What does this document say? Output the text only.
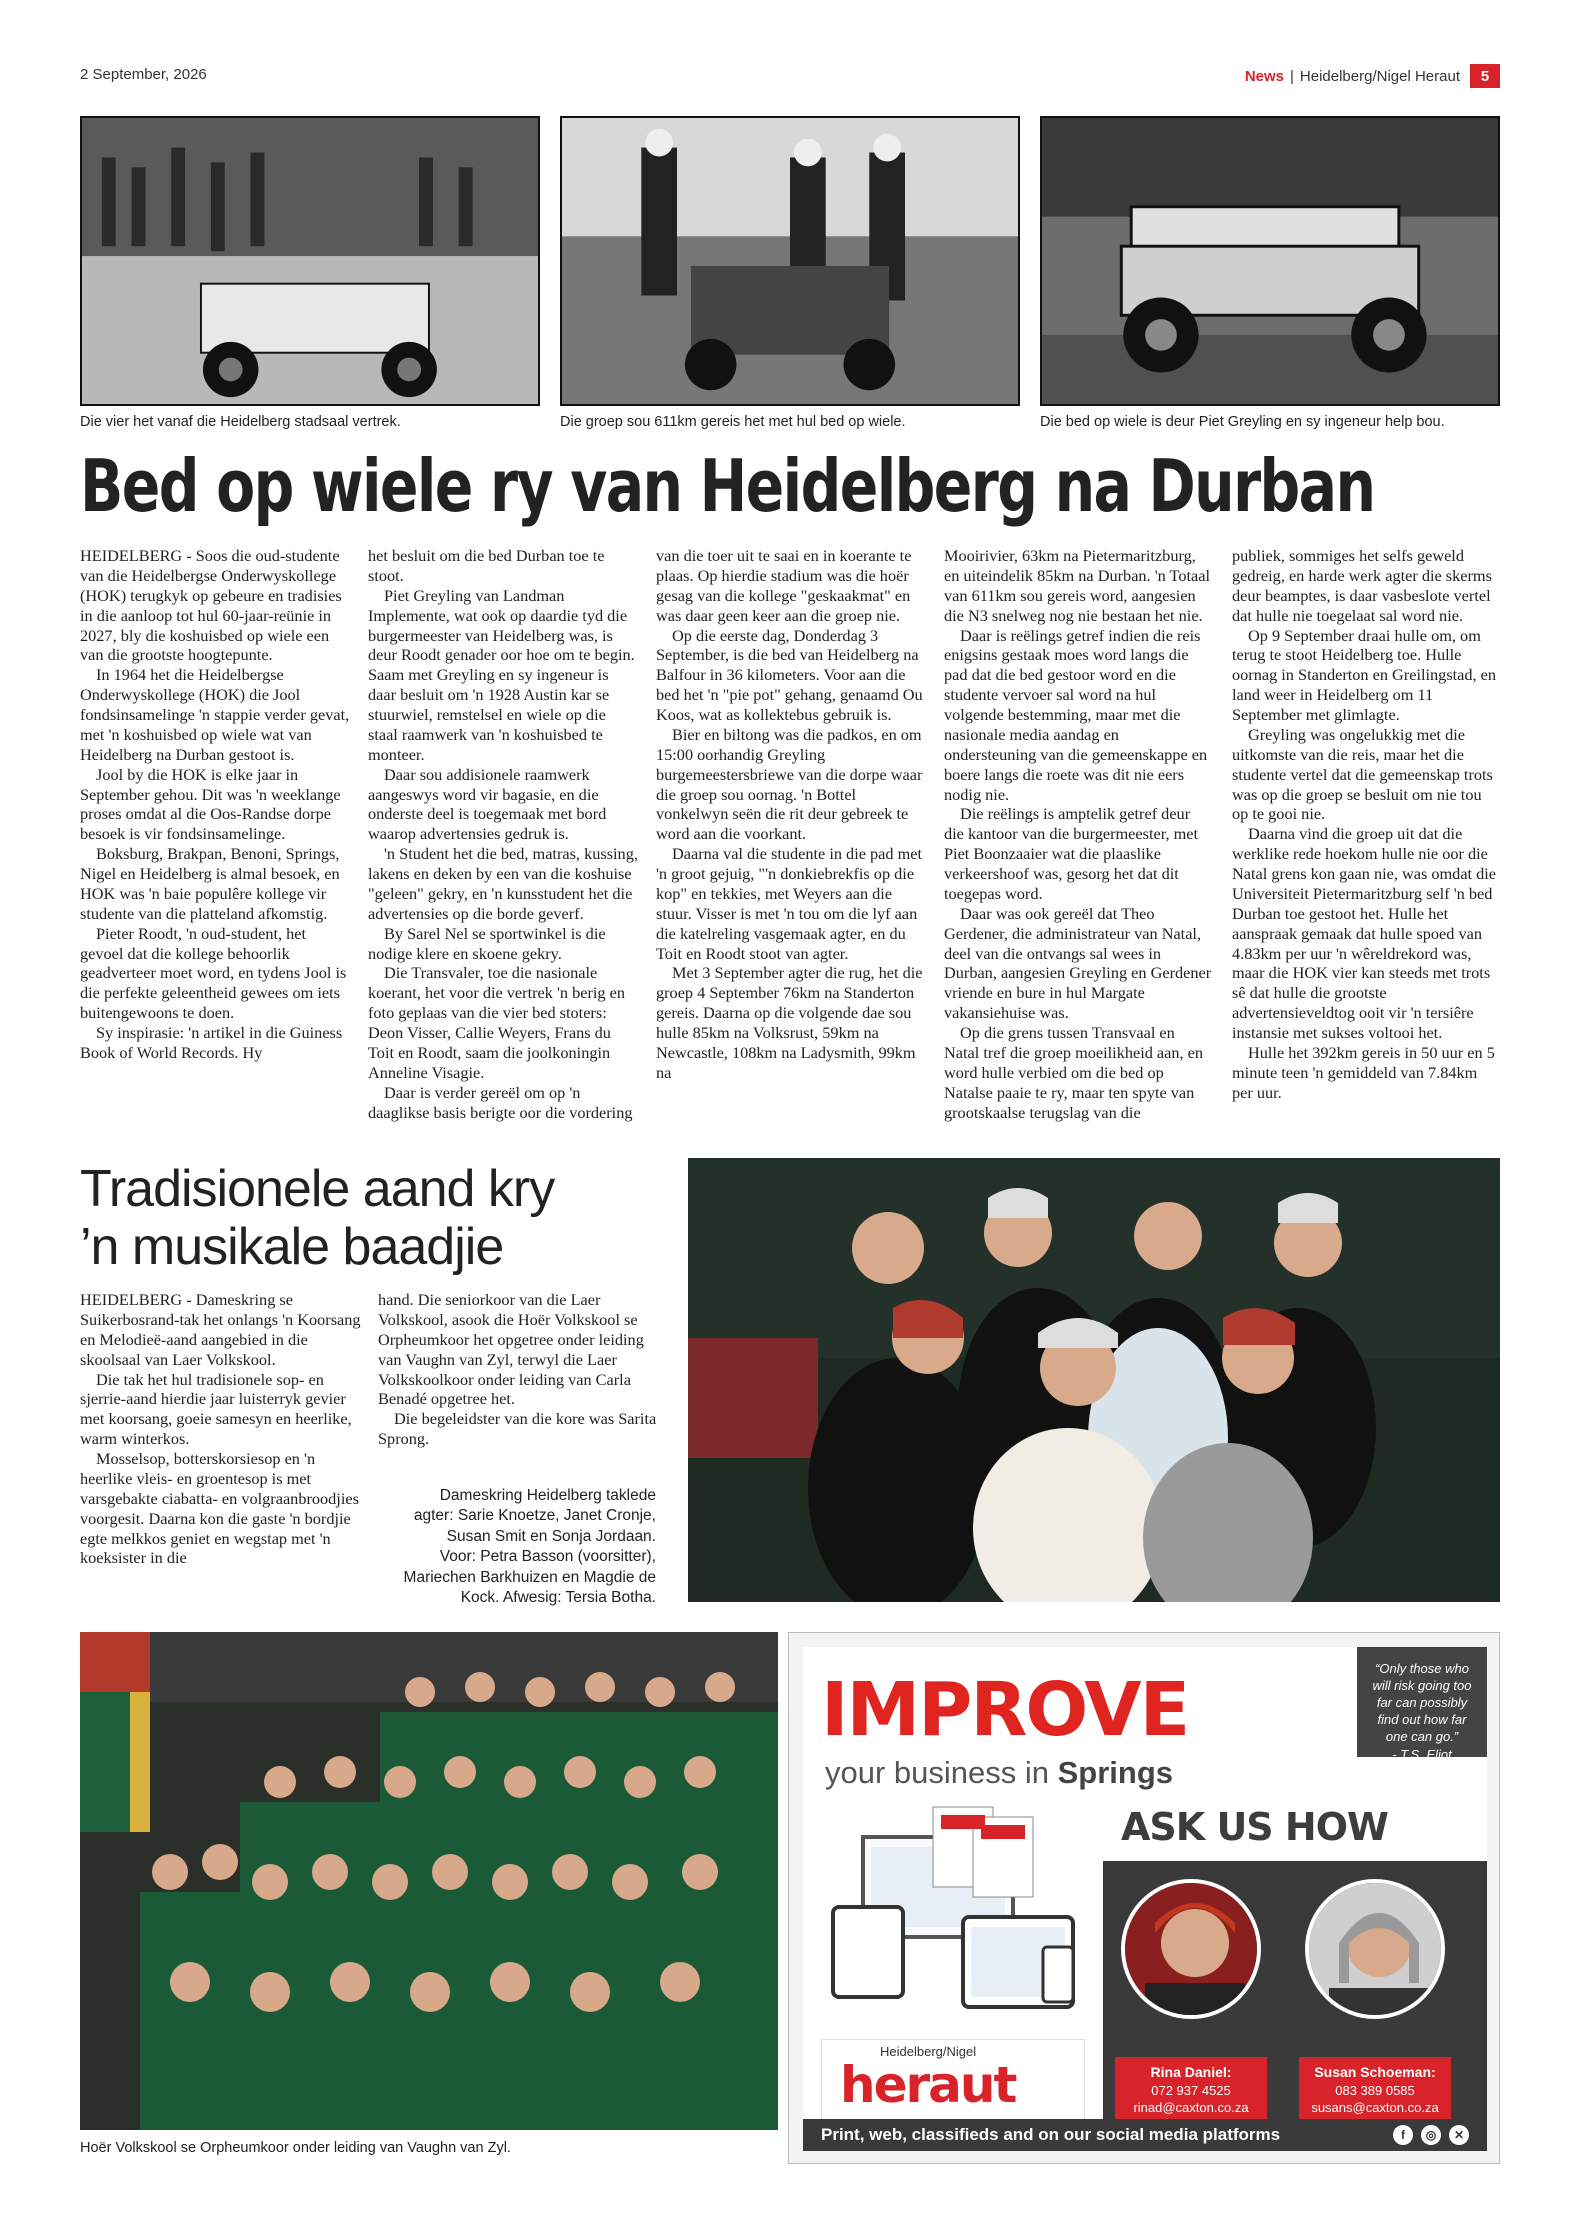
2 September, 2026	News | Heidelberg/Nigel Heraut	5
Die vier het vanaf die Heidelberg stadsaal vertrek.	Die groep sou 611km gereis het met hul bed op wiele.	Die bed op wiele is deur Piet Greyling en sy ingeneur help bou.
Bed op wiele ry van Heidelberg na Durban

HEIDELBERG - Soos die oud-studente van die Heidelbergse Onderwyskollege (HOK) terugkyk op gebeure en tradisies in die aanloop tot hul 60-jaar-reünie in 2027, bly die koshuisbed op wiele een van die grootste hoogtepunte.

In 1964 het die Heidelbergse Onderwyskollege (HOK) die Jool fondsinsamelinge 'n stappie verder gevat, met 'n koshuisbed op wiele wat van Heidelberg na Durban gestoot is.

Jool by die HOK is elke jaar in September gehou. Dit was 'n weeklange proses omdat al die Oos-Randse dorpe besoek is vir fondsinsamelinge.

Boksburg, Brakpan, Benoni, Springs, Nigel en Heidelberg is almal besoek, en HOK was 'n baie populêre kollege vir studente van die platteland afkomstig.

Pieter Roodt, 'n oud-student, het gevoel dat die kollege behoorlik geadverteer moet word, en tydens Jool is die perfekte geleentheid gewees om iets buitengewoons te doen.

Sy inspirasie: 'n artikel in die Guiness Book of World Records. Hy

het besluit om die bed Durban toe te stoot.

Piet Greyling van Landman Implemente, wat ook op daardie tyd die burgermeester van Heidelberg was, is deur Roodt genader oor hoe om te begin. Saam met Greyling en sy ingeneur is daar besluit om 'n 1928 Austin kar se stuurwiel, remstelsel en wiele op die staal raamwerk van 'n koshuisbed te monteer.

Daar sou addisionele raamwerk aangeswys word vir bagasie, en die onderste deel is toegemaak met bord waarop advertensies gedruk is.

'n Student het die bed, matras, kussing, lakens en deken by een van die koshuise "geleen" gekry, en 'n kunsstudent het die advertensies op die borde geverf.

By Sarel Nel se sportwinkel is die nodige klere en skoene gekry.

Die Transvaler, toe die nasionale koerant, het voor die vertrek 'n berig en foto geplaas van die vier bed stoters: Deon Visser, Callie Weyers, Frans du Toit en Roodt, saam die joolkoningin Anneline Visagie.

Daar is verder gereël om op 'n daaglikse basis berigte oor die vordering

van die toer uit te saai en in koerante te plaas. Op hierdie stadium was die hoër gesag van die kollege "geskaakmat" en was daar geen keer aan die groep nie.

Op die eerste dag, Donderdag 3 September, is die bed van Heidelberg na Balfour in 36 kilometers. Voor aan die bed het 'n "pie pot" gehang, genaamd Ou Koos, wat as kollektebus gebruik is.

Bier en biltong was die padkos, en om 15:00 oorhandig Greyling burgemeestersbriewe van die dorpe waar die groep sou oornag. 'n Bottel vonkelwyn seën die rit deur gebreek te word aan die voorkant.

Daarna val die studente in die pad met 'n groot gejuig, "'n donkiebrekfis op die kop" en tekkies, met Weyers aan die stuur. Visser is met 'n tou om die lyf aan die katelreling vasgemaak agter, en du Toit en Roodt stoot van agter.

Met 3 September agter die rug, het die groep 4 September 76km na Standerton gereis. Daarna op die volgende dae sou hulle 85km na Volksrust, 59km na Newcastle, 108km na Ladysmith, 99km na

Mooirivier, 63km na Pietermaritzburg, en uiteindelik 85km na Durban. 'n Totaal van 611km sou gereis word, aangesien die N3 snelweg nog nie bestaan het nie.

Daar is reëlings getref indien die reis enigsins gestaak moes word langs die pad dat die bed gestoor word en die studente vervoer sal word na hul volgende bestemming, maar met die nasionale media aandag en ondersteuning van die gemeenskappe en boere langs die roete was dit nie eers nodig nie.

Die reëlings is amptelik getref deur die kantoor van die burgermeester, met Piet Boonzaaier wat die plaaslike verkeershoof was, gesorg het dat dit toegepas word.

Daar was ook gereël dat Theo Gerdener, die administrateur van Natal, deel van die ontvangs sal wees in Durban, aangesien Greyling en Gerdener vriende en bure in hul Margate vakansiehuise was.

Op die grens tussen Transvaal en Natal tref die groep moeilikheid aan, en word hulle verbied om die bed op Natalse paaie te ry, maar ten spyte van grootskaalse terugslag van die

publiek, sommiges het selfs geweld gedreig, en harde werk agter die skerms deur beamptes, is daar vasbeslote vertel dat hulle nie toegelaat sal word nie.

Op 9 September draai hulle om, om terug te stoot Heidelberg toe. Hulle oornag in Standerton en Greilingstad, en land weer in Heidelberg om 11 September met glimlagte.

Greyling was ongelukkig met die uitkomste van die reis, maar het die studente vertel dat die gemeenskap trots was op die groep se besluit om nie tou op te gooi nie.

Daarna vind die groep uit dat die werklike rede hoekom hulle nie oor die Natal grens kon gaan nie, was omdat die Universiteit Pietermaritzburg self 'n bed Durban toe gestoot het. Hulle het aanspraak gemaak dat hulle spoed van 4.83km per uur 'n wêreldrekord was, maar die HOK vier kan steeds met trots sê dat hulle die grootste advertensieveldtog ooit vir 'n tersiêre instansie met sukses voltooi het.

Hulle het 392km gereis in 50 uur en 5 minute teen 'n gemiddeld van 7.84km per uur.

Tradisionele aand kry
’n musikale baadjie

HEIDELBERG - Dameskring se Suikerbosrand-tak het onlangs 'n Koorsang en Melodieë-aand aangebied in die skoolsaal van Laer Volkskool.

Die tak het hul tradisionele sop- en sjerrie-aand hierdie jaar luisterryk gevier met koorsang, goeie samesyn en heerlike, warm winterkos.

Mosselsop, botterskorsiesop en 'n heerlike vleis- en groentesop is met varsgebakte ciabatta- en volgraanbroodjies voorgesit. Daarna kon die gaste 'n bordjie egte melkkos geniet en wegstap met 'n koeksister in die

hand. Die seniorkoor van die Laer Volkskool, asook die Hoër Volkskool se Orpheumkoor het opgetree onder leiding van Vaughn van Zyl, terwyl die Laer Volkskoolkoor onder leiding van Carla Benadé opgetree het.

Die begeleidster van die kore was Sarita Sprong.

Dameskring Heidelberg taklede
agter: Sarie Knoetze, Janet Cronje,
Susan Smit en Sonja Jordaan.
Voor: Petra Basson (voorsitter),
Mariechen Barkhuizen en Magdie de
Kock. Afwesig: Tersia Botha.
Hoër Volkskool se Orpheumkoor onder leiding van Vaughn van Zyl.
IMPROVE
your business in Springs
“Only those who will risk going too far can possibly find out how far one can go.”
- T.S. Eliot
ASK US HOW
Rina Daniel:
072 937 4525
rinad@caxton.co.za
Susan Schoeman:
083 389 0585
susans@caxton.co.za
Heidelberg/Nigel
heraut
Print, web, classifieds and on our social media platforms	f	◎	✕
